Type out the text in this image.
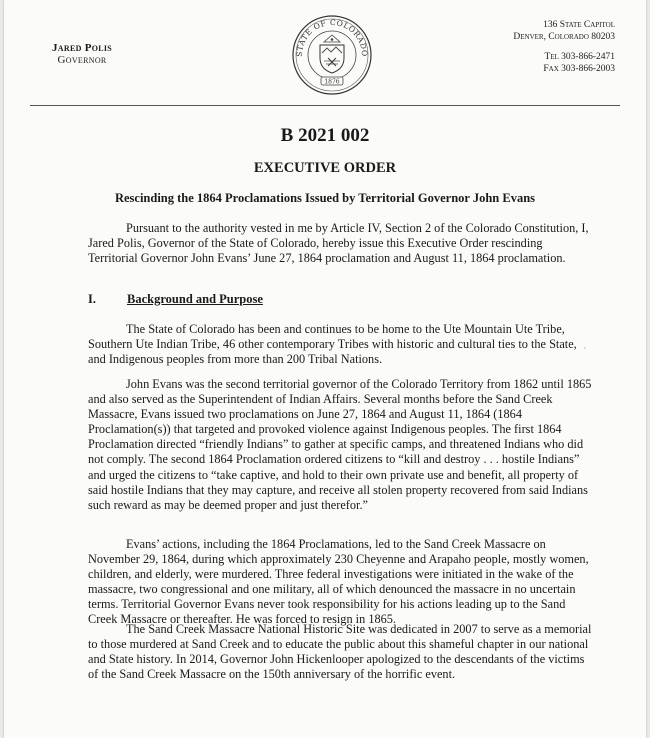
Jared Polis
Governor
STATE OF COLORADO
1876
136 State Capitol
Denver, Colorado 80203
Tel 303-866-2471
Fax 303-866-2003
B 2021 002
EXECUTIVE ORDER
Rescinding the 1864 Proclamations Issued by Territorial Governor John Evans

Pursuant to the authority vested in me by Article IV, Section 2 of the Colorado Constitution, I, Jared Polis, Governor of the State of Colorado, hereby issue this Executive Order rescinding Territorial Governor John Evans’ June 27, 1864 proclamation and August 11, 1864 proclamation.

I. Background and Purpose

The State of Colorado has been and continues to be home to the Ute Mountain Ute Tribe, Southern Ute Indian Tribe, 46 other contemporary Tribes with historic and cultural ties to the State, and Indigenous peoples from more than 200 Tribal Nations.

John Evans was the second territorial governor of the Colorado Territory from 1862 until 1865 and also served as the Superintendent of Indian Affairs. Several months before the Sand Creek Massacre, Evans issued two proclamations on June 27, 1864 and August 11, 1864 (1864 Proclamation(s)) that targeted and provoked violence against Indigenous peoples. The first 1864 Proclamation directed “friendly Indians” to gather at specific camps, and threatened Indians who did not comply. The second 1864 Proclamation ordered citizens to “kill and destroy . . . hostile Indians” and urged the citizens to “take captive, and hold to their own private use and benefit, all property of said hostile Indians that they may capture, and receive all stolen property recovered from said Indians such reward as may be deemed proper and just therefor.”

Evans’ actions, including the 1864 Proclamations, led to the Sand Creek Massacre on November 29, 1864, during which approximately 230 Cheyenne and Arapaho people, mostly women, children, and elderly, were murdered. Three federal investigations were initiated in the wake of the massacre, two congressional and one military, all of which denounced the massacre in no uncertain terms. Territorial Governor Evans never took responsibility for his actions leading up to the Sand Creek Massacre or thereafter. He was forced to resign in 1865.

The Sand Creek Massacre National Historic Site was dedicated in 2007 to serve as a memorial to those murdered at Sand Creek and to educate the public about this shameful chapter in our national and State history. In 2014, Governor John Hickenlooper apologized to the descendants of the victims of the Sand Creek Massacre on the 150th anniversary of the horrific event.

,
